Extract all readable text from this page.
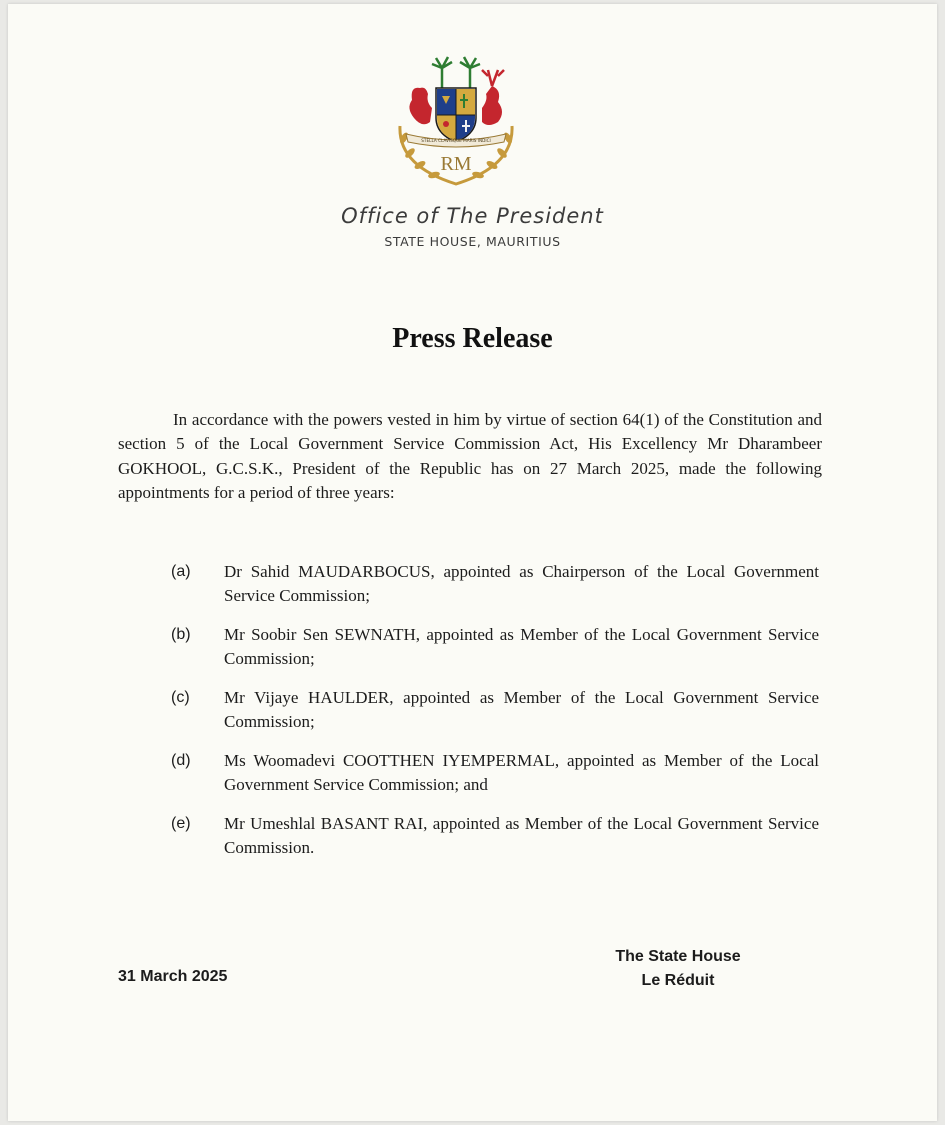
STELLA CLAVISQUE MARIS INDICI
RM
Office of The President
STATE HOUSE, MAURITIUS
Press Release

In accordance with the powers vested in him by virtue of section 64(1) of the Constitution and section 5 of the Local Government Service Commission Act, His Excellency Mr Dharambeer GOKHOOL, G.C.S.K., President of the Republic has on 27 March 2025, made the following appointments for a period of three years:

(a) Dr Sahid MAUDARBOCUS, appointed as Chairperson of the Local Government Service Commission;
(b) Mr Soobir Sen SEWNATH, appointed as Member of the Local Government Service Commission;
(c) Mr Vijaye HAULDER, appointed as Member of the Local Government Service Commission;
(d) Ms Woomadevi COOTTHEN IYEMPERMAL, appointed as Member of the Local Government Service Commission; and
(e) Mr Umeshlal BASANT RAI, appointed as Member of the Local Government Service Commission.
31 March 2025
The State House
Le Réduit
